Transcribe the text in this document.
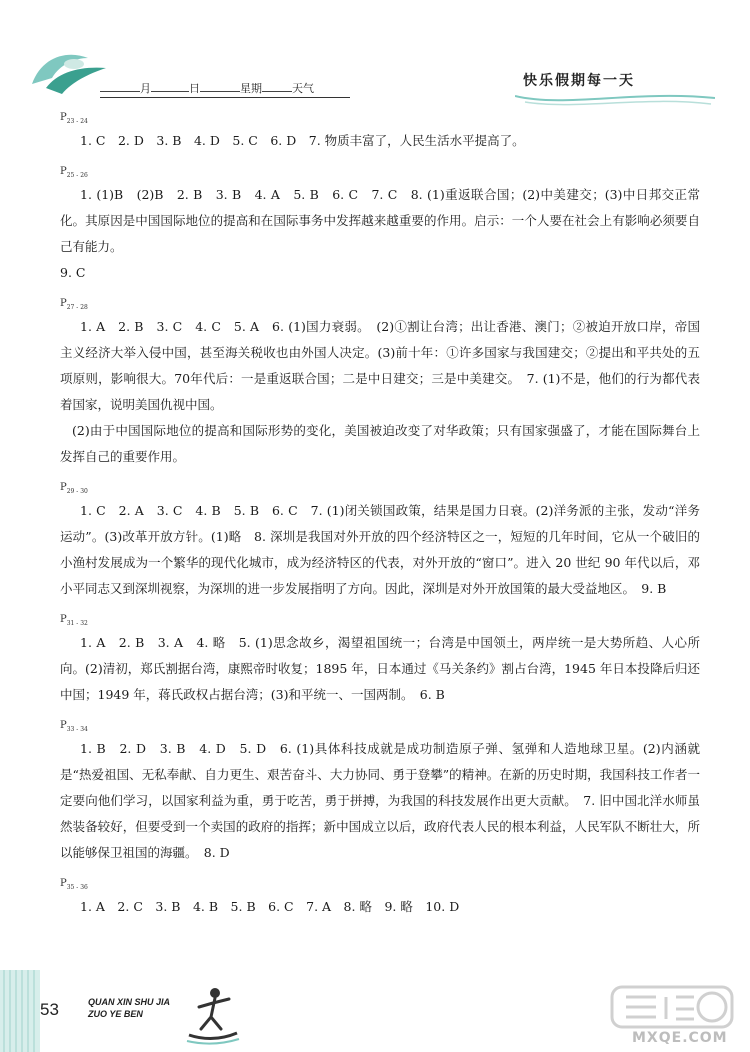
月	日	星期	天气	快乐假期每一天
$P_{23 - 24}$

1. C　2. D　3. B　4. D　5. C　6. D　7. 物质丰富了，人民生活水平提高了。

$P_{25 - 26}$

1. (1)B　(2)B　2. B　3. B　4. A　5. B　6. C　7. C　8. (1)重返联合国；(2)中美建交；(3)中日邦交正常化。其原因是中国国际地位的提高和在国际事务中发挥越来越重要的作用。启示：一个人要在社会上有影响必须要自己有能力。

9. C

$P_{27 - 28}$

1. A　2. B　3. C　4. C　5. A　6. (1)国力衰弱。　(2)①割让台湾；出让香港、澳门；②被迫开放口岸，帝国主义经济大举入侵中国，甚至海关税收也由外国人决定。(3)前十年：①许多国家与我国建交；②提出和平共处的五项原则，影响很大。70年代后：一是重返联合国；二是中日建交；三是中美建交。　7. (1)不是，他们的行为都代表着国家，说明美国仇视中国。

(2)由于中国国际地位的提高和国际形势的变化，美国被迫改变了对华政策；只有国家强盛了，才能在国际舞台上发挥自己的重要作用。

$P_{29 - 30}$

1. C　2. A　3. C　4. B　5. B　6. C　7. (1)闭关锁国政策，结果是国力日衰。(2)洋务派的主张，发动“洋务运动”。(3)改革开放方针。(1)略　8. 深圳是我国对外开放的四个经济特区之一，短短的几年时间，它从一个破旧的小渔村发展成为一个繁华的现代化城市，成为经济特区的代表，对外开放的“窗口”。进入 20 世纪 90 年代以后，邓小平同志又到深圳视察，为深圳的进一步发展指明了方向。因此，深圳是对外开放国策的最大受益地区。　9. B

$P_{31 - 32}$

1. A　2. B　3. A　4. 略　5. (1)思念故乡，渴望祖国统一；台湾是中国领土，两岸统一是大势所趋、人心所向。(2)清初，郑氏割据台湾，康熙帝时收复；1895 年，日本通过《马关条约》割占台湾，1945 年日本投降后归还中国；1949 年，蒋氏政权占据台湾；(3)和平统一、一国两制。　6. B

$P_{33 - 34}$

1. B　2. D　3. B　4. D　5. D　6. (1)具体科技成就是成功制造原子弹、氢弹和人造地球卫星。(2)内涵就是“热爱祖国、无私奉献、自力更生、艰苦奋斗、大力协同、勇于登攀”的精神。在新的历史时期，我国科技工作者一定要向他们学习，以国家利益为重，勇于吃苦，勇于拼搏，为我国的科技发展作出更大贡献。　7. 旧中国北洋水师虽然装备较好，但要受到一个卖国的政府的指挥；新中国成立以后，政府代表人民的根本利益，人民军队不断壮大，所以能够保卫祖国的海疆。　8. D

$P_{35 - 36}$

1. A　2. C　3. B　4. B　5. B　6. C　7. A　8. 略　9. 略　10. D

53	QUAN XIN SHU JIA
ZUO YE BEN
MXQE.COM
